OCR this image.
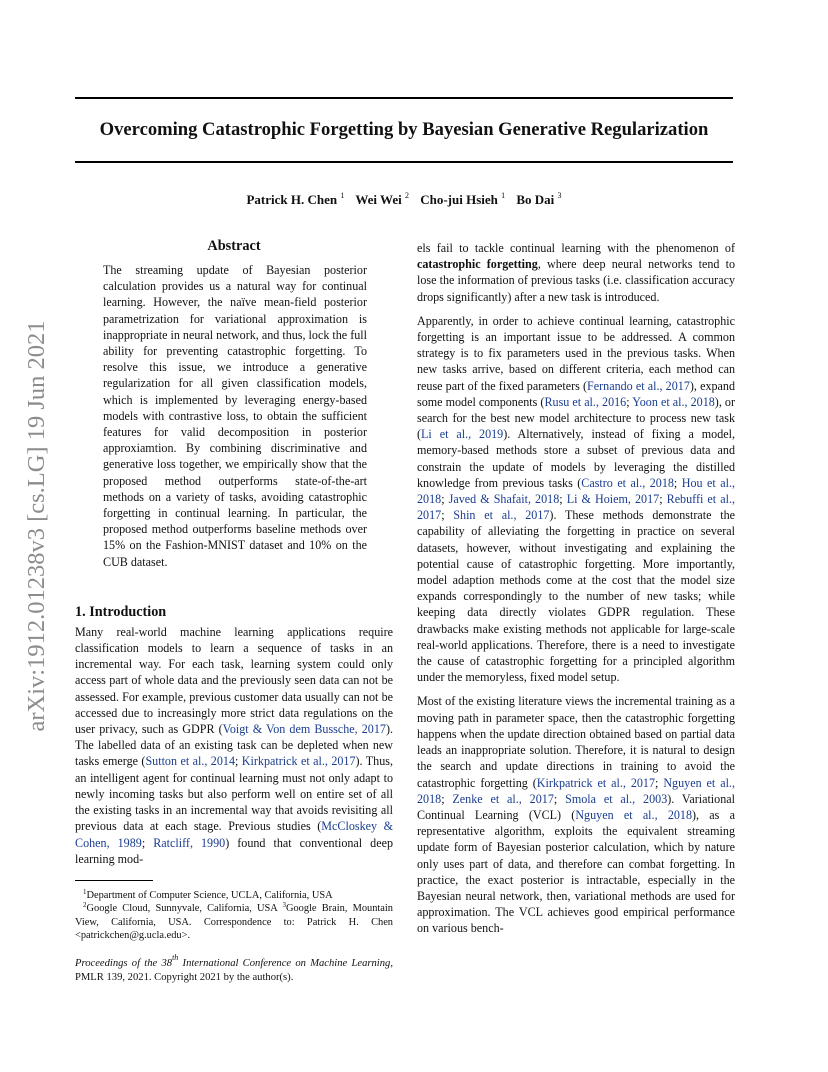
Overcoming Catastrophic Forgetting by Bayesian Generative Regularization
Patrick H. Chen $^1$ Wei Wei $^2$ Cho-jui Hsieh $^1$ Bo Dai $^3$
arXiv:1912.01238v3 [cs.LG] 19 Jun 2021
Abstract

The streaming update of Bayesian posterior calculation provides us a natural way for continual learning. However, the naïve mean-field posterior parametrization for variational approximation is inappropriate in neural network, and thus, lock the full ability for preventing catastrophic forgetting. To resolve this issue, we introduce a generative regularization for all given classification models, which is implemented by leveraging energy-based models with contrastive loss, to obtain the sufficient features for valid decomposition in posterior approxiamtion. By combining discriminative and generative loss together, we empirically show that the proposed method outperforms state-of-the-art methods on a variety of tasks, avoiding catastrophic forgetting in continual learning. In particular, the proposed method outperforms baseline methods over 15% on the Fashion-MNIST dataset and 10% on the CUB dataset.

1. Introduction

Many real-world machine learning applications require classification models to learn a sequence of tasks in an incremental way. For each task, learning system could only access part of whole data and the previously seen data can not be assessed. For example, previous customer data usually can not be accessed due to increasingly more strict data regulations on the user privacy, such as GDPR (Voigt & Von dem Bussche, 2017). The labelled data of an existing task can be depleted when new tasks emerge (Sutton et al., 2014; Kirkpatrick et al., 2017). Thus, an intelligent agent for continual learning must not only adapt to newly incoming tasks but also perform well on entire set of all the existing tasks in an incremental way that avoids revisiting all previous data at each stage. Previous studies (McCloskey & Cohen, 1989; Ratcliff, 1990) found that conventional deep learning mod-

$^1$Department of Computer Science, UCLA, California, USA

$^2$Google Cloud, Sunnyvale, California, USA $^3$Google Brain, Mountain View, California, USA. Correspondence to: Patrick H. Chen <patrickchen@g.ucla.edu>.

Proceedings of the 38th International Conference on Machine Learning, PMLR 139, 2021. Copyright 2021 by the author(s).

els fail to tackle continual learning with the phenomenon of catastrophic forgetting, where deep neural networks tend to lose the information of previous tasks (i.e. classification accuracy drops significantly) after a new task is introduced.

Apparently, in order to achieve continual learning, catastrophic forgetting is an important issue to be addressed. A common strategy is to fix parameters used in the previous tasks. When new tasks arrive, based on different criteria, each method can reuse part of the fixed parameters (Fernando et al., 2017), expand some model components (Rusu et al., 2016; Yoon et al., 2018), or search for the best new model architecture to process new task (Li et al., 2019). Alternatively, instead of fixing a model, memory-based methods store a subset of previous data and constrain the update of models by leveraging the distilled knowledge from previous tasks (Castro et al., 2018; Hou et al., 2018; Javed & Shafait, 2018; Li & Hoiem, 2017; Rebuffi et al., 2017; Shin et al., 2017). These methods demonstrate the capability of alleviating the forgetting in practice on several datasets, however, without investigating and explaining the potential cause of catastrophic forgetting. More importantly, model adaption methods come at the cost that the model size expands correspondingly to the number of new tasks; while keeping data directly violates GDPR regulation. These drawbacks make existing methods not applicable for large-scale real-world applications. Therefore, there is a need to investigate the cause of catastrophic forgetting for a principled algorithm under the memoryless, fixed model setup.

Most of the existing literature views the incremental training as a moving path in parameter space, then the catastrophic forgetting happens when the update direction obtained based on partial data leads an inappropriate solution. Therefore, it is natural to design the search and update directions in training to avoid the catastrophic forgetting (Kirkpatrick et al., 2017; Nguyen et al., 2018; Zenke et al., 2017; Smola et al., 2003). Variational Continual Learning (VCL) (Nguyen et al., 2018), as a representative algorithm, exploits the equivalent streaming update form of Bayesian posterior calculation, which by nature only uses part of data, and therefore can combat forgetting. In practice, the exact posterior is intractable, especially in the Bayesian neural network, then, variational methods are used for approximation. The VCL achieves good empirical performance on various bench-
